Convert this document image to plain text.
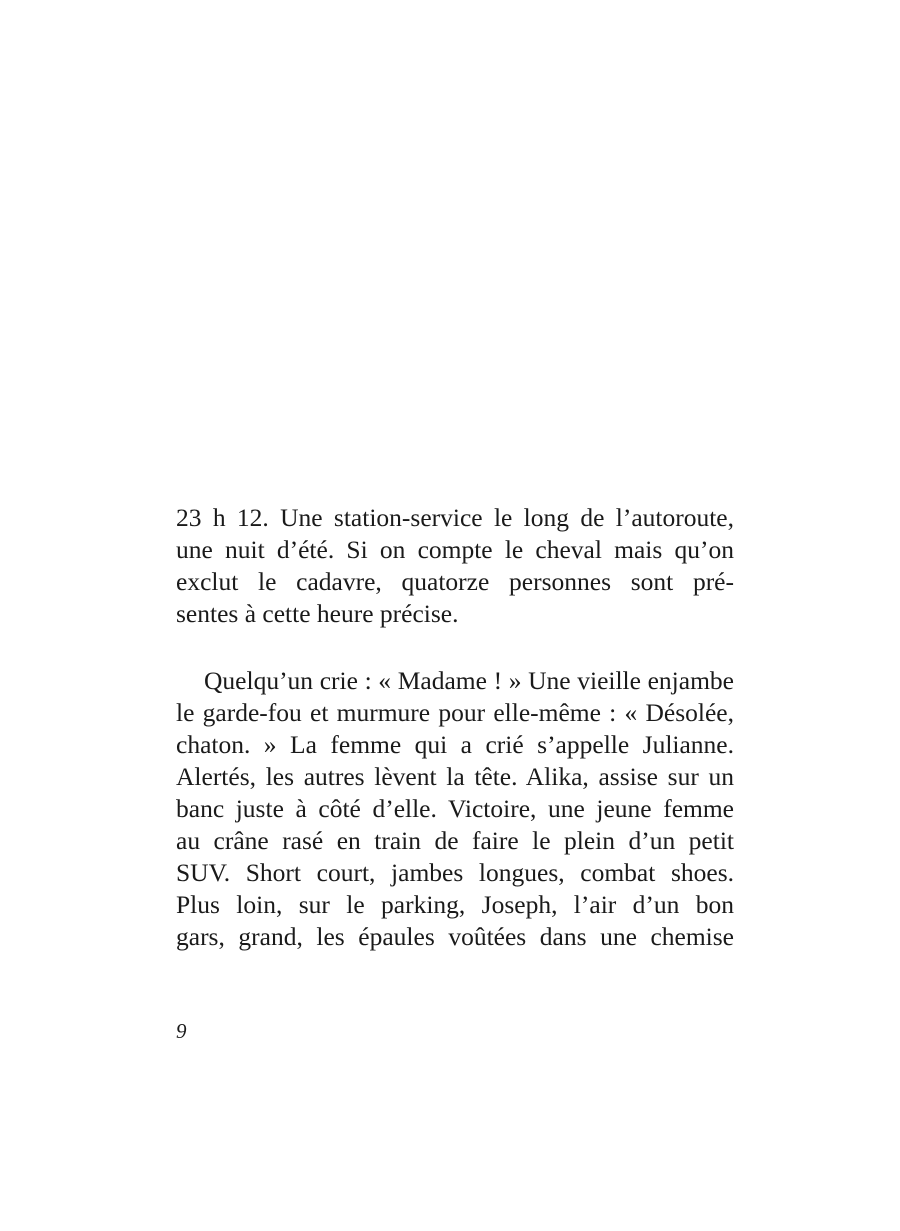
23 h 12. Une station-service le long de l’autoroute,
une nuit d’été. Si on compte le cheval mais qu’on
exclut le cadavre, quatorze personnes sont pré-
sentes à cette heure précise.
Quelqu’un crie : « Madame ! » Une vieille enjambe
le garde-fou et murmure pour elle-même : « Désolée,
chaton. » La femme qui a crié s’appelle Julianne.
Alertés, les autres lèvent la tête. Alika, assise sur un
banc juste à côté d’elle. Victoire, une jeune femme
au crâne rasé en train de faire le plein d’un petit
SUV. Short court, jambes longues, combat shoes.
Plus loin, sur le parking, Joseph, l’air d’un bon
gars, grand, les épaules voûtées dans une chemise
9
